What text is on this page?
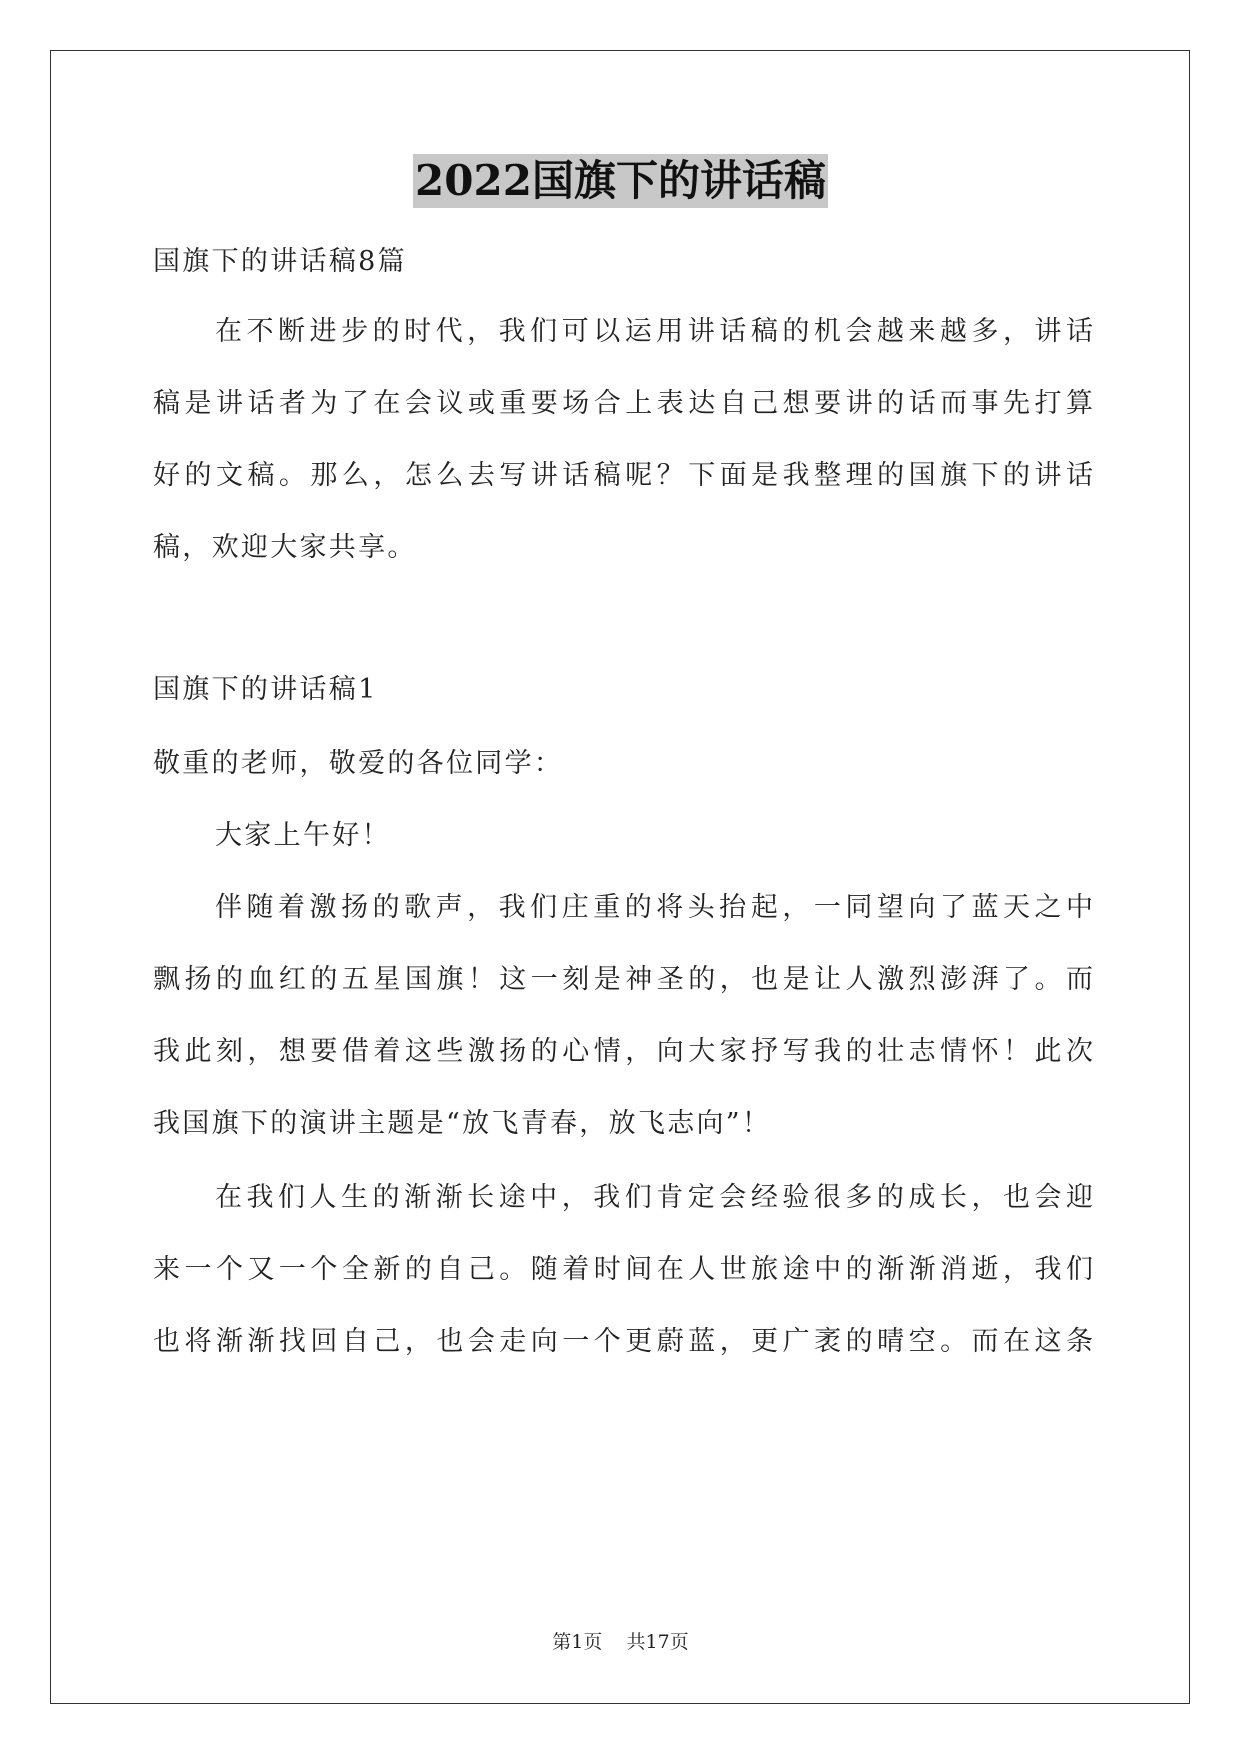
2022国旗下的讲话稿
国旗下的讲话稿8篇
在不断进步的时代，我们可以运用讲话稿的机会越来越多，讲话
稿是讲话者为了在会议或重要场合上表达自己想要讲的话而事先打算
好的文稿。那么，怎么去写讲话稿呢？下面是我整理的国旗下的讲话
稿，欢迎大家共享。
国旗下的讲话稿1
敬重的老师，敬爱的各位同学：
大家上午好！
伴随着激扬的歌声，我们庄重的将头抬起，一同望向了蓝天之中
飘扬的血红的五星国旗！这一刻是神圣的，也是让人激烈澎湃了。而
我此刻，想要借着这些激扬的心情，向大家抒写我的壮志情怀！此次
我国旗下的演讲主题是“放飞青春，放飞志向”！
在我们人生的渐渐长途中，我们肯定会经验很多的成长，也会迎
来一个又一个全新的自己。随着时间在人世旅途中的渐渐消逝，我们
也将渐渐找回自己，也会走向一个更蔚蓝，更广袤的晴空。而在这条
第1页 共17页
